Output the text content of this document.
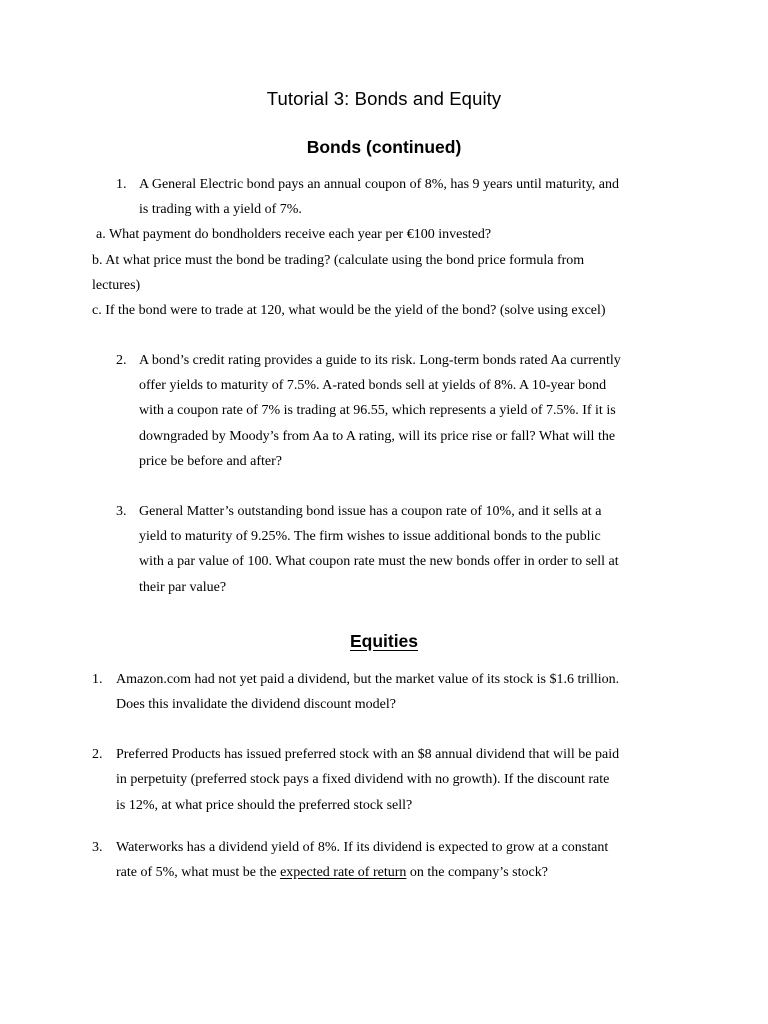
Tutorial 3: Bonds and Equity
Bonds (continued)
1. A General Electric bond pays an annual coupon of 8%, has 9 years until maturity, and
is trading with a yield of 7%.
a. What payment do bondholders receive each year per €100 invested?
b. At what price must the bond be trading? (calculate using the bond price formula from
lectures)
c. If the bond were to trade at 120, what would be the yield of the bond? (solve using excel)
2. A bond’s credit rating provides a guide to its risk. Long-term bonds rated Aa currently
offer yields to maturity of 7.5%. A-rated bonds sell at yields of 8%. A 10-year bond
with a coupon rate of 7% is trading at 96.55, which represents a yield of 7.5%. If it is
downgraded by Moody’s from Aa to A rating, will its price rise or fall? What will the
price be before and after?
3. General Matter’s outstanding bond issue has a coupon rate of 10%, and it sells at a
yield to maturity of 9.25%. The firm wishes to issue additional bonds to the public
with a par value of 100. What coupon rate must the new bonds offer in order to sell at
their par value?
Equities
1. Amazon.com had not yet paid a dividend, but the market value of its stock is $1.6 trillion.
Does this invalidate the dividend discount model?
2. Preferred Products has issued preferred stock with an $8 annual dividend that will be paid
in perpetuity (preferred stock pays a fixed dividend with no growth). If the discount rate
is 12%, at what price should the preferred stock sell?
3. Waterworks has a dividend yield of 8%. If its dividend is expected to grow at a constant
rate of 5%, what must be the expected rate of return on the company’s stock?
